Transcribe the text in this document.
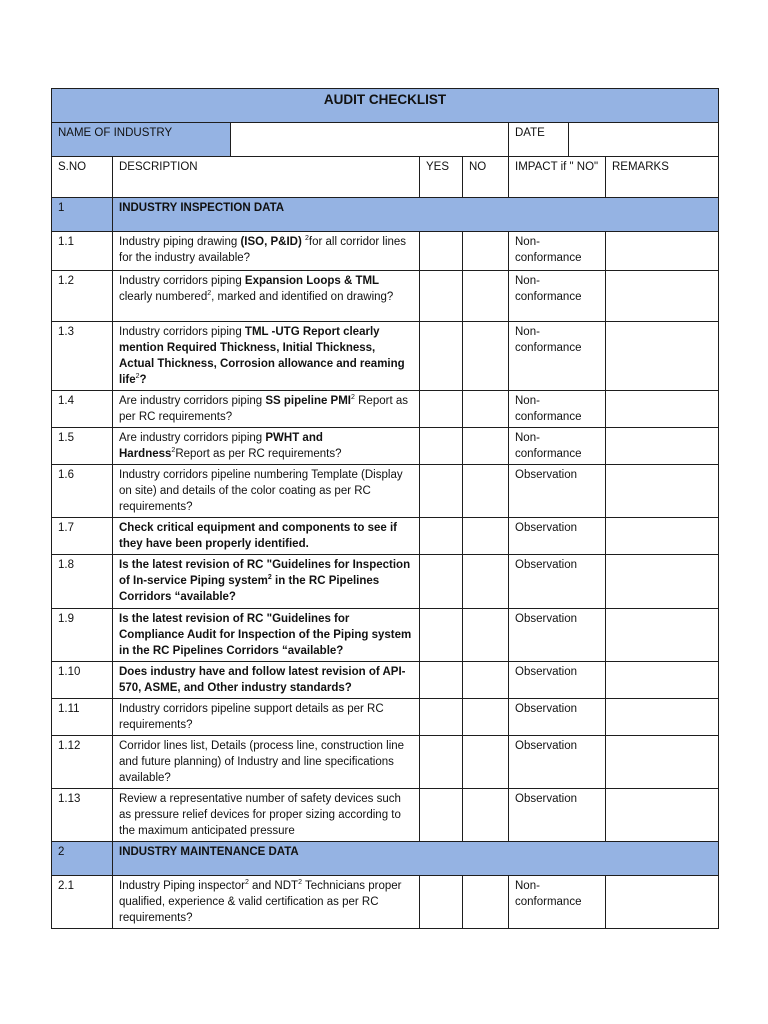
AUDIT CHECKLIST							
NAME OF INDUSTRY					DATE		
S.NO	DESCRIPTION		YES	NO	IMPACT if " NO"		REMARKS
1	INDUSTRY INSPECTION DATA						
1.1	Industry piping drawing (ISO, P&ID) $^2$for all corridor lines for the industry available?				Non-conformance		
1.2	Industry corridors piping Expansion Loops & TML clearly numbered$^2$, marked and identified on drawing?				Non-conformance		
1.3	Industry corridors piping TML -UTG Report clearly mention Required Thickness, Initial Thickness, Actual Thickness, Corrosion allowance and reaming life$^2$?				Non-conformance		
1.4	Are industry corridors piping SS pipeline PMI$^2$ Report as per RC requirements?				Non-conformance		
1.5	Are industry corridors piping PWHT and Hardness$^2$Report as per RC requirements?				Non-conformance		
1.6	Industry corridors pipeline numbering Template (Display on site) and details of the color coating as per RC requirements?				Observation		
1.7	Check critical equipment and components to see if they have been properly identified.				Observation		
1.8	Is the latest revision of RC "Guidelines for Inspection of In-service Piping system$^2$ in the RC Pipelines Corridors “available?				Observation		
1.9	Is the latest revision of RC "Guidelines for Compliance Audit for Inspection of the Piping system in the RC Pipelines Corridors “available?				Observation		
1.10	Does industry have and follow latest revision of API-570, ASME, and Other industry standards?				Observation		
1.11	Industry corridors pipeline support details as per RC requirements?				Observation		
1.12	Corridor lines list, Details (process line, construction line and future planning) of Industry and line specifications available?				Observation		
1.13	Review a representative number of safety devices such as pressure relief devices for proper sizing according to the maximum anticipated pressure				Observation		
2	INDUSTRY MAINTENANCE DATA						
2.1	Industry Piping inspector$^2$ and NDT$^2$ Technicians proper qualified, experience & valid certification as per RC requirements?				Non-conformance		
